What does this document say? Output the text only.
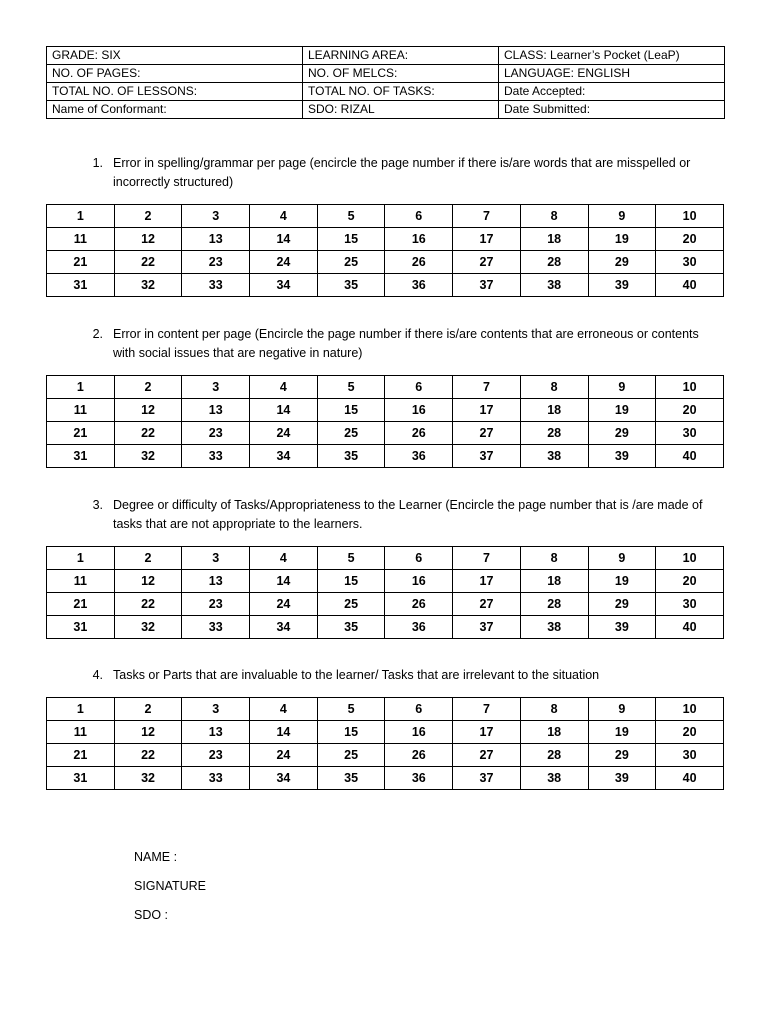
GRADE: SIX	LEARNING AREA:	CLASS: Learner’s Pocket (LeaP)
NO. OF PAGES:	NO. OF MELCS:	LANGUAGE: ENGLISH
TOTAL NO. OF LESSONS:	TOTAL NO. OF TASKS:	Date Accepted:
Name of Conformant:	SDO: RIZAL	Date Submitted:
1. Error in spelling/grammar per page (encircle the page number if there is/are words that are misspelled or incorrectly structured)
1	2	3	4	5	6	7	8	9	10
11	12	13	14	15	16	17	18	19	20
21	22	23	24	25	26	27	28	29	30
31	32	33	34	35	36	37	38	39	40
2. Error in content per page (Encircle the page number if there is/are contents that are erroneous or contents with social issues that are negative in nature)
1	2	3	4	5	6	7	8	9	10
11	12	13	14	15	16	17	18	19	20
21	22	23	24	25	26	27	28	29	30
31	32	33	34	35	36	37	38	39	40
3. Degree or difficulty of Tasks/Appropriateness to the Learner (Encircle the page number that is /are made of tasks that are not appropriate to the learners.
1	2	3	4	5	6	7	8	9	10
11	12	13	14	15	16	17	18	19	20
21	22	23	24	25	26	27	28	29	30
31	32	33	34	35	36	37	38	39	40
4. Tasks or Parts that are invaluable to the learner/ Tasks that are irrelevant to the situation
1	2	3	4	5	6	7	8	9	10
11	12	13	14	15	16	17	18	19	20
21	22	23	24	25	26	27	28	29	30
31	32	33	34	35	36	37	38	39	40
NAME :
SIGNATURE
SDO :
